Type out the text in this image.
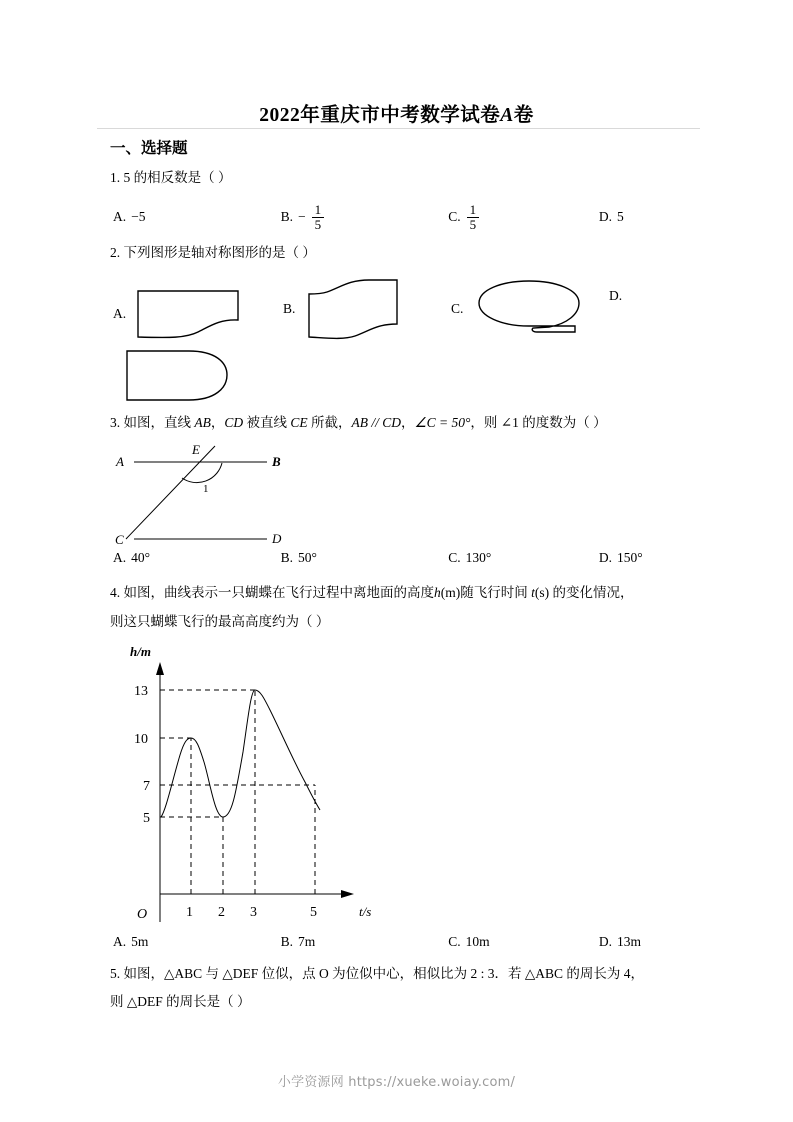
2022年重庆市中考数学试卷A卷
一、选择题
1. 5 的相反数是（ ）
A. −5	B. − $\frac{1}{5}$	C. $\frac{1}{5}$	D. 5
2. 下列图形是轴对称图形的是（ ）
A.	B.	C.
D.
3. 如图，直线 AB，CD 被直线 CE 所截，AB // CD，∠C = 50°，则 ∠1 的度数为（ ）
A	B
C	D
E
1
A. 40°	B. 50°	C. 130°	D. 150°
4. 如图，曲线表示一只蝴蝶在飞行过程中离地面的高度h(m)随飞行时间 t(s) 的变化情况，
则这只蝴蝶飞行的最高高度约为（ ）
13
10
7
5
1 2 3	5
h/m
t/s
O
A. 5m	B. 7m	C. 10m	D. 13m
5. 如图，△ABC 与 △DEF 位似，点 O 为位似中心，相似比为 2 : 3．若 △ABC 的周长为 4，
则 △DEF 的周长是（ ）
小学资源网 https://xueke.woiay.com/
